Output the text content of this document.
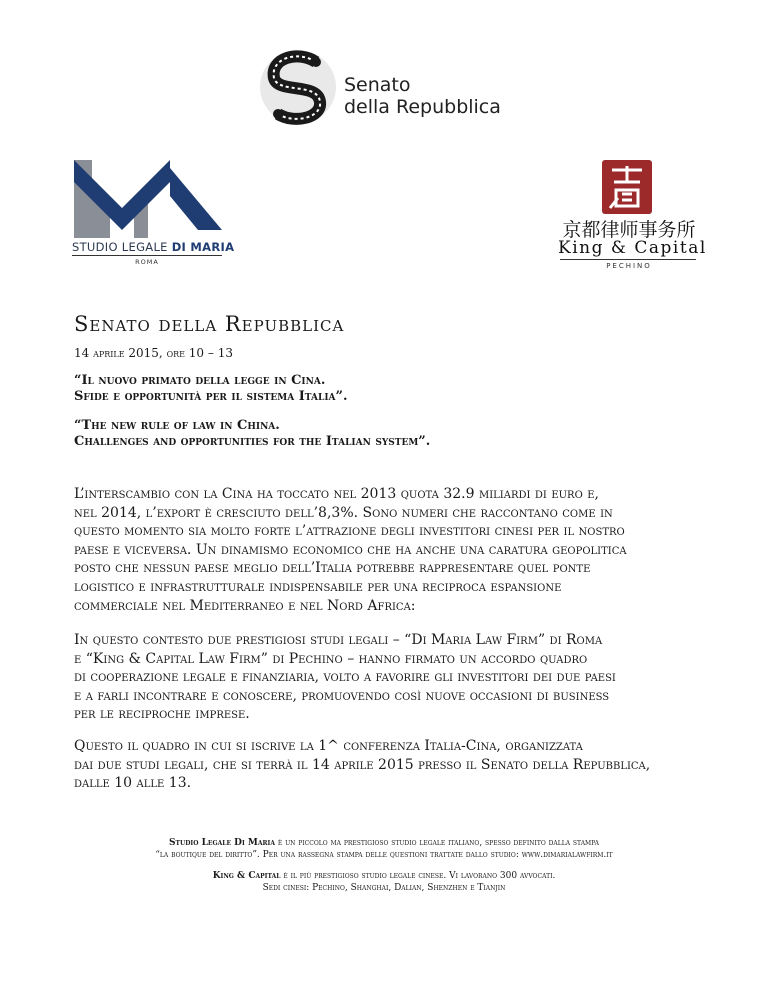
Senato
della Repubblica
STUDIO LEGALE DI MARIA
ROMA
京都律师事务所
King & Capital
PECHINO
Senato della Repubblica
14 aprile 2015, ore 10 – 13
“Il nuovo primato della legge in Cina.
Sfide e opportunità per il sistema Italia”.
“The new rule of law in China.
Challenges and opportunities for the Italian system”.
L’interscambio con la Cina ha toccato nel 2013 quota 32.9 miliardi di euro e,
nel 2014, l’export è cresciuto dell’8,3%. Sono numeri che raccontano come in
questo momento sia molto forte l’attrazione degli investitori cinesi per il nostro
paese e viceversa. Un dinamismo economico che ha anche una caratura geopolitica
posto che nessun paese meglio dell’Italia potrebbe rappresentare quel ponte
logistico e infrastrutturale indispensabile per una reciproca espansione
commerciale nel Mediterraneo e nel Nord Africa:
In questo contesto due prestigiosi studi legali – “Di Maria Law Firm” di Roma
e “King & Capital Law Firm” di Pechino – hanno firmato un accordo quadro
di cooperazione legale e finanziaria, volto a favorire gli investitori dei due paesi
e a farli incontrare e conoscere, promuovendo così nuove occasioni di business
per le reciproche imprese.
Questo il quadro in cui si iscrive la 1^ conferenza Italia-Cina, organizzata
dai due studi legali, che si terrà il 14 aprile 2015 presso il Senato della Repubblica,
dalle 10 alle 13.
Studio Legale Di Maria è un piccolo ma prestigioso studio legale italiano, spesso definito dalla stampa
“la boutique del diritto”. Per una rassegna stampa delle questioni trattate dallo studio: www.dimarialawfirm.it
King & Capital è il più prestigioso studio legale cinese. Vi lavorano 300 avvocati.
Sedi cinesi: Pechino, Shanghai, Dalian, Shenzhen e Tianjin
